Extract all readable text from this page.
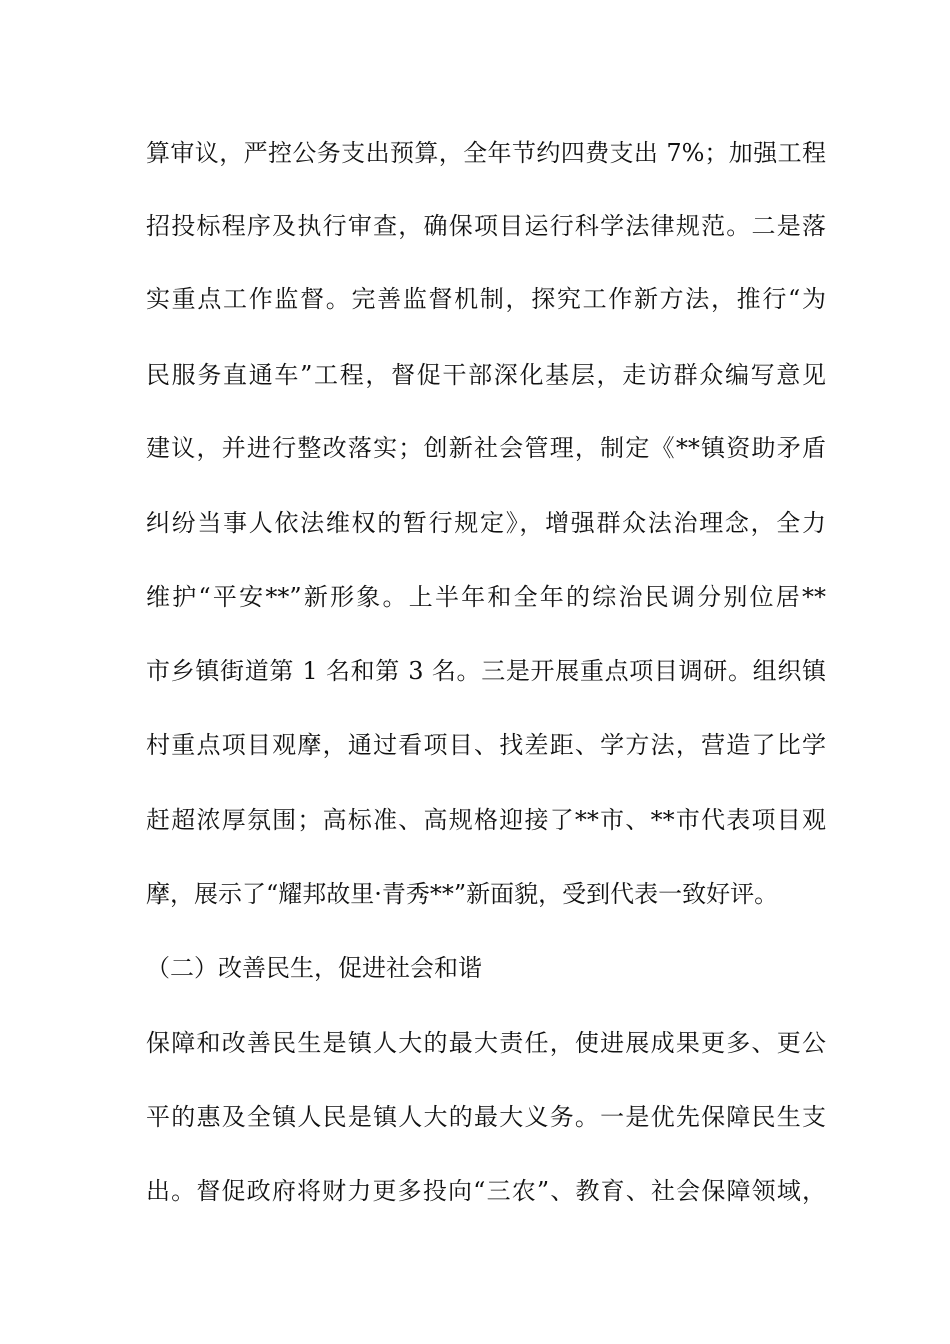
算审议，严控公务支出预算，全年节约四费支出 7%；加强工程
招投标程序及执行审查，确保项目运行科学法律规范。二是落
实重点工作监督。完善监督机制，探究工作新方法，推行“为
民服务直通车”工程，督促干部深化基层，走访群众编写意见
建议，并进行整改落实；创新社会管理，制定《**镇资助矛盾
纠纷当事人依法维权的暂行规定》，增强群众法治理念，全力
维护“平安**”新形象。上半年和全年的综治民调分别位居**
市乡镇街道第 1 名和第 3 名。三是开展重点项目调研。组织镇
村重点项目观摩，通过看项目、找差距、学方法，营造了比学
赶超浓厚氛围；高标准、高规格迎接了**市、**市代表项目观
摩，展示了“耀邦故里·青秀**”新面貌，受到代表一致好评。
（二）改善民生，促进社会和谐
保障和改善民生是镇人大的最大责任，使进展成果更多、更公
平的惠及全镇人民是镇人大的最大义务。一是优先保障民生支
出。督促政府将财力更多投向“三农”、教育、社会保障领域，
